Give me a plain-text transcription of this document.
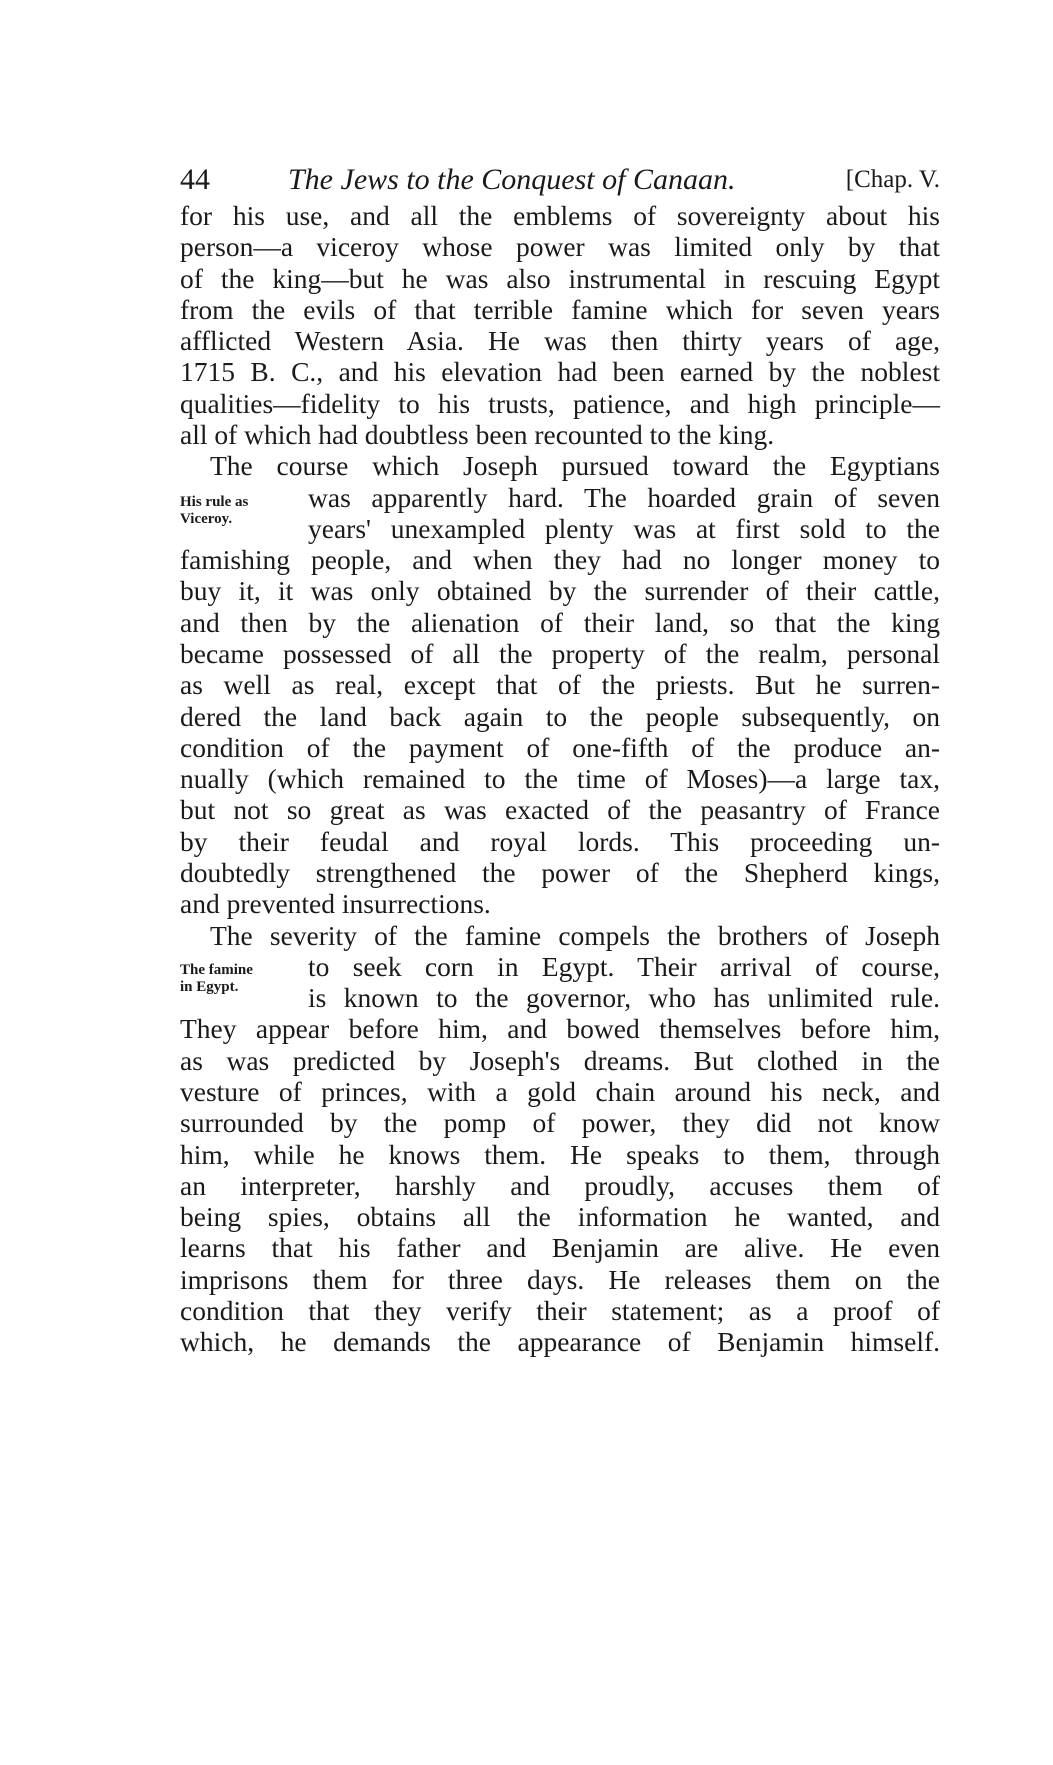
44	The Jews to the Conquest of Canaan.	[Chap. V.
His rule as
Viceroy.
The famine
in Egypt.
for his use, and all the emblems of sovereignty about his
person—a viceroy whose power was limited only by that
of the king—but he was also instrumental in rescuing Egypt
from the evils of that terrible famine which for seven years
afflicted Western Asia. He was then thirty years of age,
1715 B. C., and his elevation had been earned by the noblest
qualities—fidelity to his trusts, patience, and high principle—
all of which had doubtless been recounted to the king.
The course which Joseph pursued toward the Egyptians
was apparently hard. The hoarded grain of seven
years' unexampled plenty was at first sold to the
famishing people, and when they had no longer money to
buy it, it was only obtained by the surrender of their cattle,
and then by the alienation of their land, so that the king
became possessed of all the property of the realm, personal
as well as real, except that of the priests. But he surren-
dered the land back again to the people subsequently, on
condition of the payment of one-fifth of the produce an-
nually (which remained to the time of Moses)—a large tax,
but not so great as was exacted of the peasantry of France
by their feudal and royal lords. This proceeding un-
doubtedly strengthened the power of the Shepherd kings,
and prevented insurrections.
The severity of the famine compels the brothers of Joseph
to seek corn in Egypt. Their arrival of course,
is known to the governor, who has unlimited rule.
They appear before him, and bowed themselves before him,
as was predicted by Joseph's dreams. But clothed in the
vesture of princes, with a gold chain around his neck, and
surrounded by the pomp of power, they did not know
him, while he knows them. He speaks to them, through
an interpreter, harshly and proudly, accuses them of
being spies, obtains all the information he wanted, and
learns that his father and Benjamin are alive. He even
imprisons them for three days. He releases them on the
condition that they verify their statement; as a proof of
which, he demands the appearance of Benjamin himself.
